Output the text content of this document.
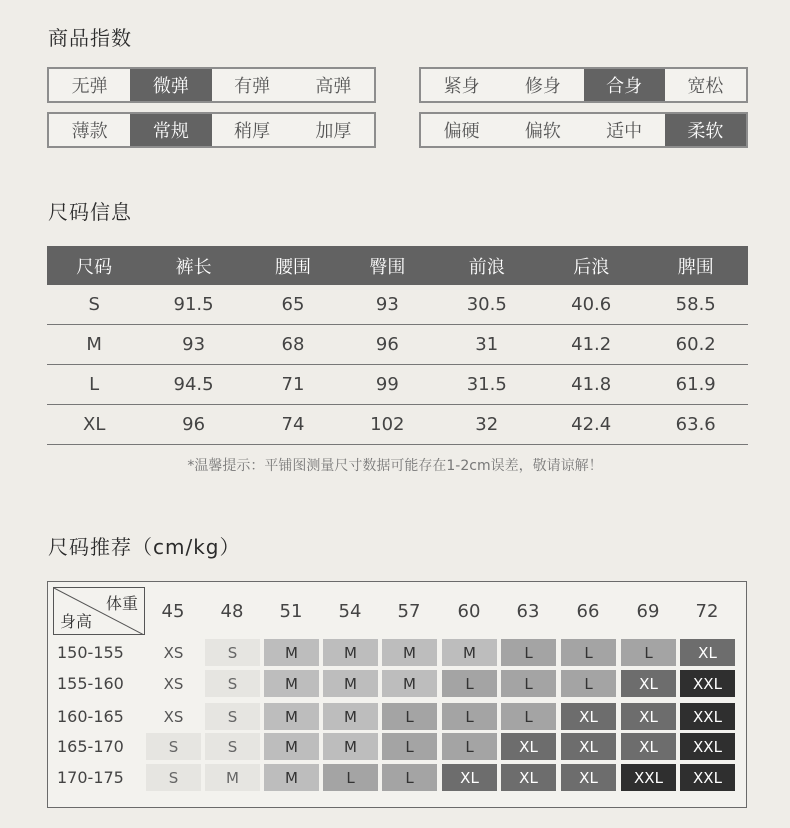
商品指数
无弹	微弹	有弹	高弹	紧身	修身	合身	宽松
薄款	常规	稍厚	加厚	偏硬	偏软	适中	柔软
尺码信息
尺码	裤长	腰围	臀围	前浪	后浪	脾围
S	91.5	65	93	30.5	40.6	58.5
M	93	68	96	31	41.2	60.2
L	94.5	71	99	31.5	41.8	61.9
XL	96	74	102	32	42.4	63.6
*温馨提示：平铺图测量尺寸数据可能存在1-2cm误差，敬请谅解！
尺码推荐（cm/kg）
体重
身高	45	48	51	54	57	60	63	66	69	72
150-155	XS	S	M	M	M	M	L	L	L	XL
155-160	XS	S	M	M	M	L	L	L	XL	XXL
160-165	XS	S	M	M	L	L	L	XL	XL	XXL
165-170	S	S	M	M	L	L	XL	XL	XL	XXL
170-175	S	M	M	L	L	XL	XL	XL	XXL	XXL
